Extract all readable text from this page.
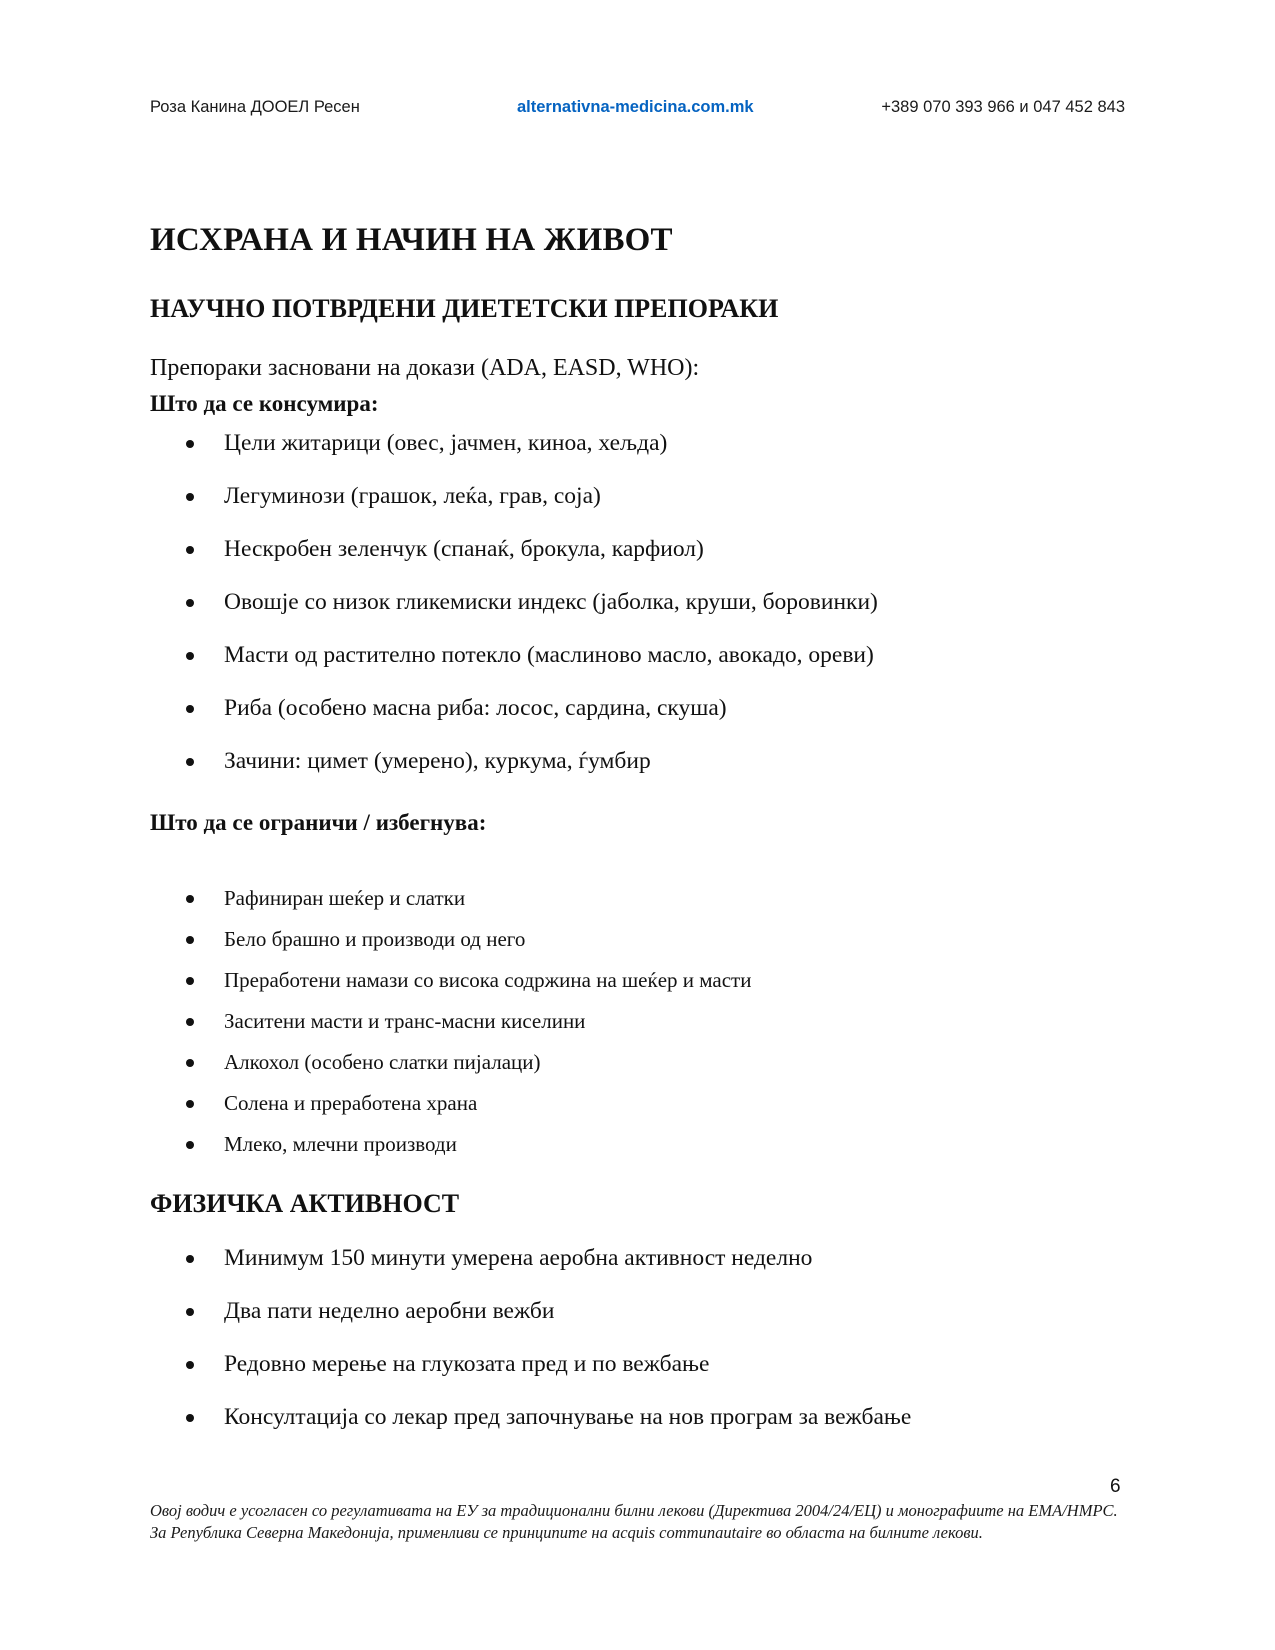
Роза Канина ДООЕЛ Ресен	alternativna-medicina.com.mk	+389 070 393 966 и 047 452 843
ИСХРАНА И НАЧИН НА ЖИВОТ
НАУЧНО ПОТВРДЕНИ ДИЕТЕТСКИ ПРЕПОРАКИ

Препораки засновани на докази (ADA, EASD, WHO):

Што да се консумира:

Цели житарици (овес, јачмен, киноа, хељда)
Легуминози (грашок, леќа, грав, соја)
Нескробен зеленчук (спанаќ, брокула, карфиол)
Овошје со низок гликемиски индекс (јаболка, круши, боровинки)
Масти од растително потекло (маслиново масло, авокадо, ореви)
Риба (особено масна риба: лосос, сардина, скуша)
Зачини: цимет (умерено), куркума, ѓумбир

Што да се ограничи / избегнува:

Рафиниран шеќер и слатки
Бело брашно и производи од него
Преработени намази со висока содржина на шеќер и масти
Заситени масти и транс-масни киселини
Алкохол (особено слатки пијалаци)
Солена и преработена храна
Млеко, млечни производи
ФИЗИЧКА АКТИВНОСТ
Минимум 150 минути умерена аеробна активност неделно
Два пати неделно аеробни вежби
Редовно мерење на глукозата пред и по вежбање
Консултација со лекар пред започнување на нов програм за вежбање
6

Овој водич е усогласен со регулативата на ЕУ за традиционални билни лекови (Директива 2004/24/ЕЦ) и монографиите на EMA/HMPC. За Република Северна Македонија, применливи се принципите на acquis communautaire во областа на билните лекови.
